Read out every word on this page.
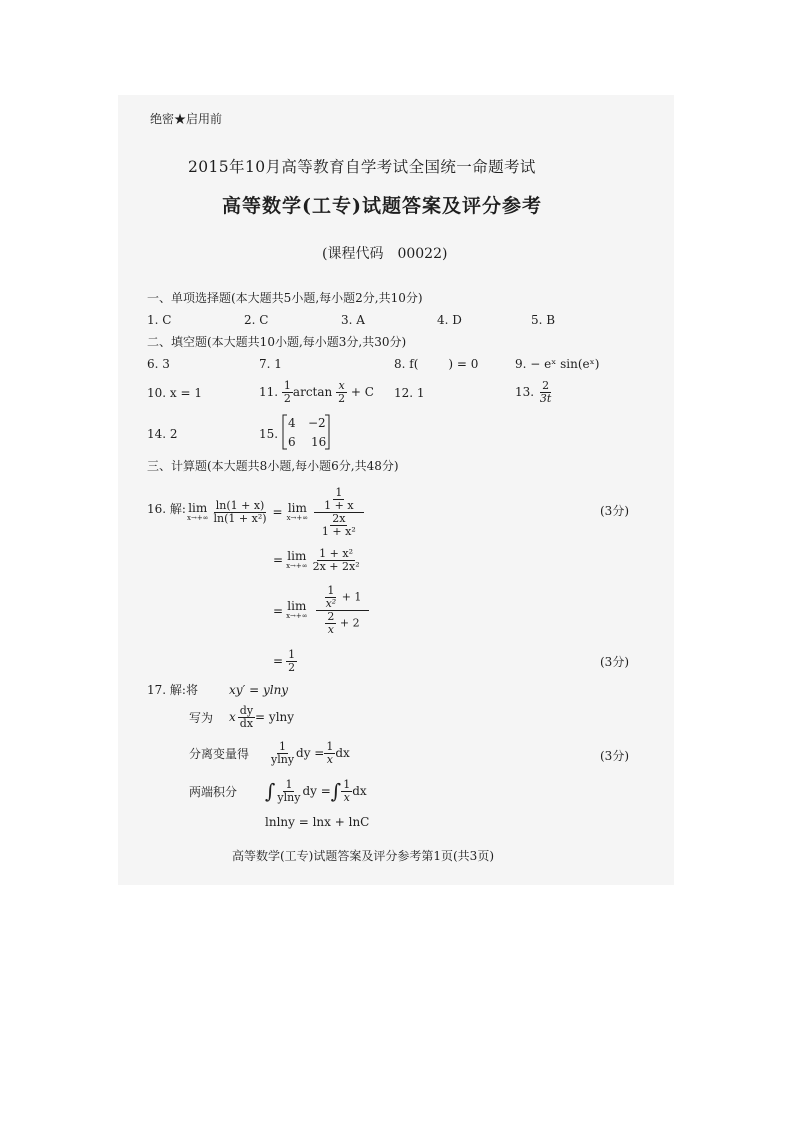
绝密★启用前
2015年10月高等教育自学考试全国统一命题考试
高等数学(工专)试题答案及评分参考
(课程代码　00022)
一、单项选择题(本大题共5小题,每小题2分,共10分)
1. C	2. C	3. A	4. D	5. B
二、填空题(本大题共10小题,每小题3分,共30分)
6. 3	7. 1	8. f(	) = 0	9. − eˣ sin(eˣ)
10. x = 1	11. $\frac{1}{2}$ $\arctan \frac{x}{2} + C$ 12. 1	13. $\frac{2}{3t}$
14. 2	15.
4 −2
6 16
三、计算题(本大题共8小题,每小题6分,共48分)
16. 解: lim
$x\to+\infty \frac{\ln(1 + x)}{\text{ln(1 + x²)}} = \lim$
$x\to+\infty \frac{\frac{1}{1 + x}}{\frac{2x}{\text{1 + x²}}}$	(3分)
= lim
$x\to+\infty \frac{\text{1 + x²}}{\text{2x + 2x²}}$
= lim
$x\to+\infty \frac{\frac{1}{\text{x²}} + 1}{\frac{2}{x} + 2}$
= $\frac{1}{2}$	(3分)
17. 解:将	xy′ = ylny
写为 x $\frac{dy}{dx} = ylny$
分离变量得 $\frac{1}{ylny}$ dy = $\frac{1}{x}$ dx	(3分)
两端积分 ∫ $\frac{1}{ylny}$ dy = ∫ $\frac{1}{x}$ dx
lnlny = lnx + lnC
高等数学(工专)试题答案及评分参考第1页(共3页)
